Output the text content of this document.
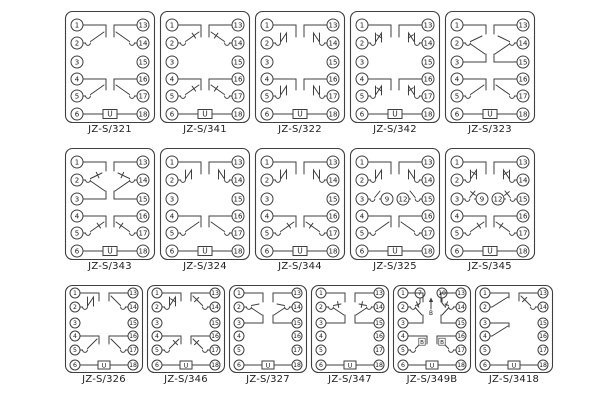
1
2
13
14
3	15
4
5
16
17
6	18
U
JZ-S/321
1
2
13
14
3	15
4
5
16
17
6	18
U
JZ-S/341
1
2
13
14
3	15
4
5
16
17
6	18
U
JZ-S/322
1
2
13
14
3	15
4
5
16
17
6	18
U
JZ-S/342
1
2
3
13
14
15
4
5
16
17
6	18
U
JZ-S/323
1
2
3
13
14
15
4
5
16
17
6	18
U
JZ-S/343
1
2
13
14
3	15
4
5
16
17
6	18
U
JZ-S/324
1
2
13
14
3	15
4
5
16
17
6	18
U
JZ-S/344
1
2
13
14
3	9	15
12
4
5
16
17
6	18
U
JZ-S/325
1
2
13
14
3	9	15
12
4
5
16
17
6	18
U
JZ-S/345
1
2
13
14
3	15
4
5
16
17
6	18
U
JZ-S/326
1
2
13
14
3	15
4
5
16
17
6	18
U
JZ-S/346
1
2
3
13
14
15
4
5
16
17
6	18
U
JZ-S/327
1
2
3
13
14
15
4
5
16
17
6	18
U
JZ-S/347
7	10
B
1
2
3
13
14
15
4
5
B
16
17
B
6	18
U
JZ-S/349B
1
2
3
4
5
13
14
15
16
17
6	18
U
JZ-S/3418
